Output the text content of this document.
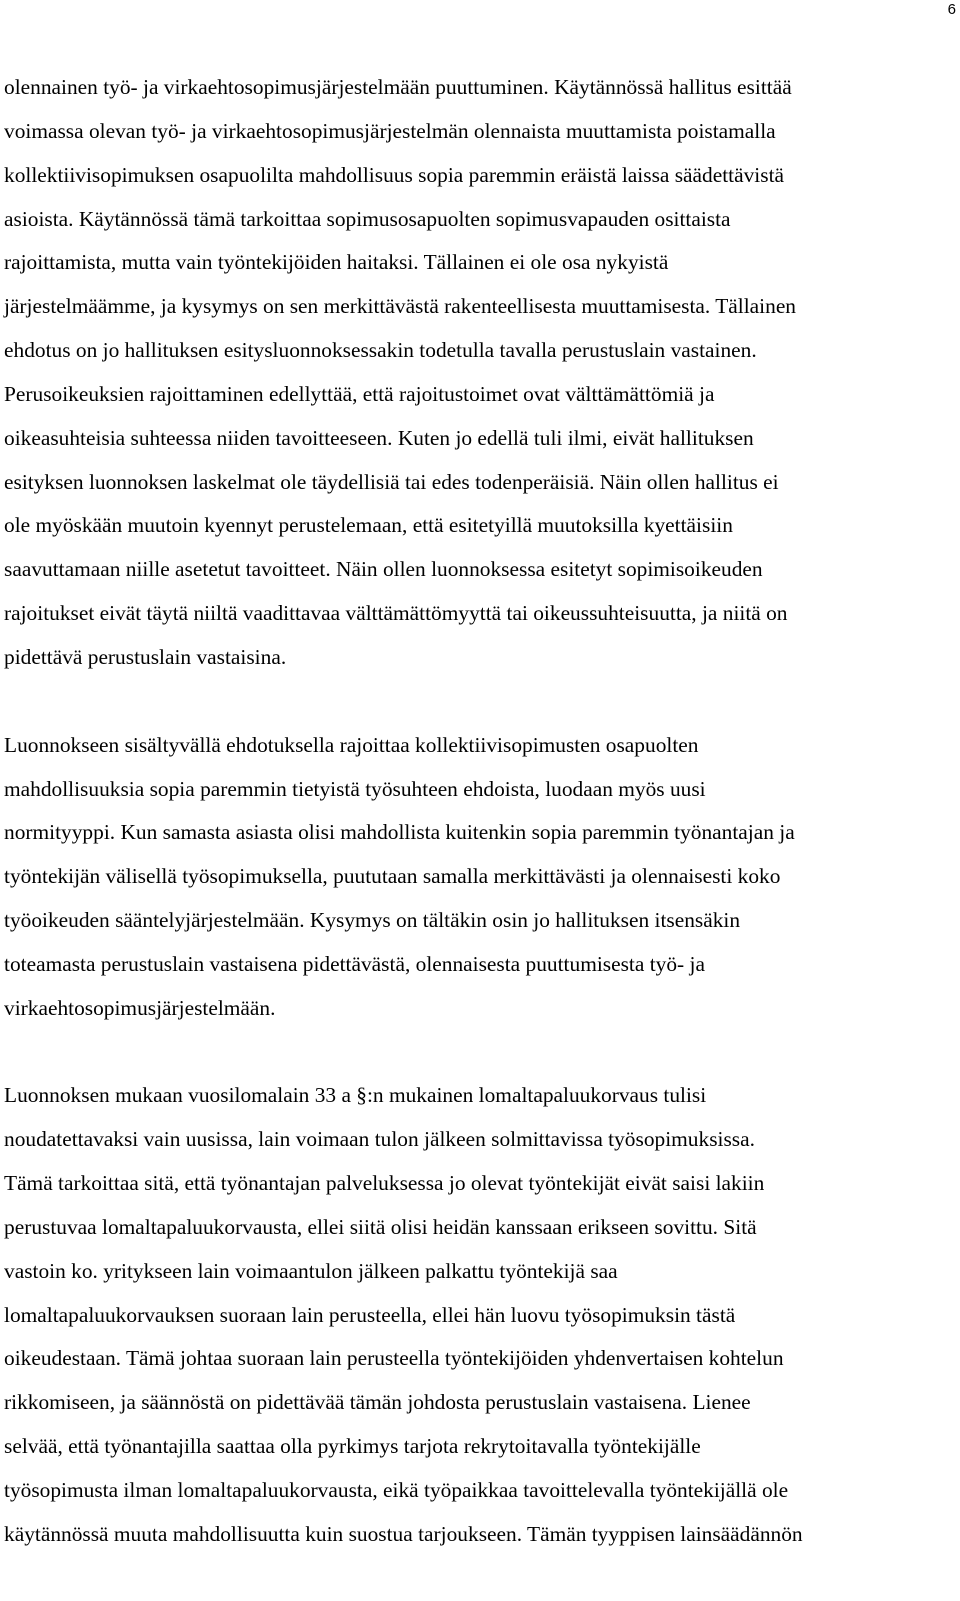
6
olennainen työ- ja virkaehtosopimusjärjestelmään puuttuminen. Käytännössä hallitus esittää
voimassa olevan työ- ja virkaehtosopimusjärjestelmän olennaista muuttamista poistamalla
kollektiivisopimuksen osapuolilta mahdollisuus sopia paremmin eräistä laissa säädettävistä
asioista. Käytännössä tämä tarkoittaa sopimusosapuolten sopimusvapauden osittaista
rajoittamista, mutta vain työntekijöiden haitaksi. Tällainen ei ole osa nykyistä
järjestelmäämme, ja kysymys on sen merkittävästä rakenteellisesta muuttamisesta. Tällainen
ehdotus on jo hallituksen esitysluonnoksessakin todetulla tavalla perustuslain vastainen.
Perusoikeuksien rajoittaminen edellyttää, että rajoitustoimet ovat välttämättömiä ja
oikeasuhteisia suhteessa niiden tavoitteeseen. Kuten jo edellä tuli ilmi, eivät hallituksen
esityksen luonnoksen laskelmat ole täydellisiä tai edes todenperäisiä. Näin ollen hallitus ei
ole myöskään muutoin kyennyt perustelemaan, että esitetyillä muutoksilla kyettäisiin
saavuttamaan niille asetetut tavoitteet. Näin ollen luonnoksessa esitetyt sopimisoikeuden
rajoitukset eivät täytä niiltä vaadittavaa välttämättömyyttä tai oikeussuhteisuutta, ja niitä on
pidettävä perustuslain vastaisina.
Luonnokseen sisältyvällä ehdotuksella rajoittaa kollektiivisopimusten osapuolten
mahdollisuuksia sopia paremmin tietyistä työsuhteen ehdoista, luodaan myös uusi
normityyppi. Kun samasta asiasta olisi mahdollista kuitenkin sopia paremmin työnantajan ja
työntekijän välisellä työsopimuksella, puututaan samalla merkittävästi ja olennaisesti koko
työoikeuden sääntelyjärjestelmään. Kysymys on tältäkin osin jo hallituksen itsensäkin
toteamasta perustuslain vastaisena pidettävästä, olennaisesta puuttumisesta työ- ja
virkaehtosopimusjärjestelmään.
Luonnoksen mukaan vuosilomalain 33 a §:n mukainen lomaltapaluukorvaus tulisi
noudatettavaksi vain uusissa, lain voimaan tulon jälkeen solmittavissa työsopimuksissa.
Tämä tarkoittaa sitä, että työnantajan palveluksessa jo olevat työntekijät eivät saisi lakiin
perustuvaa lomaltapaluukorvausta, ellei siitä olisi heidän kanssaan erikseen sovittu. Sitä
vastoin ko. yritykseen lain voimaantulon jälkeen palkattu työntekijä saa
lomaltapaluukorvauksen suoraan lain perusteella, ellei hän luovu työsopimuksin tästä
oikeudestaan. Tämä johtaa suoraan lain perusteella työntekijöiden yhdenvertaisen kohtelun
rikkomiseen, ja säännöstä on pidettävää tämän johdosta perustuslain vastaisena. Lienee
selvää, että työnantajilla saattaa olla pyrkimys tarjota rekrytoitavalla työntekijälle
työsopimusta ilman lomaltapaluukorvausta, eikä työpaikkaa tavoittelevalla työntekijällä ole
käytännössä muuta mahdollisuutta kuin suostua tarjoukseen. Tämän tyyppisen lainsäädännön
